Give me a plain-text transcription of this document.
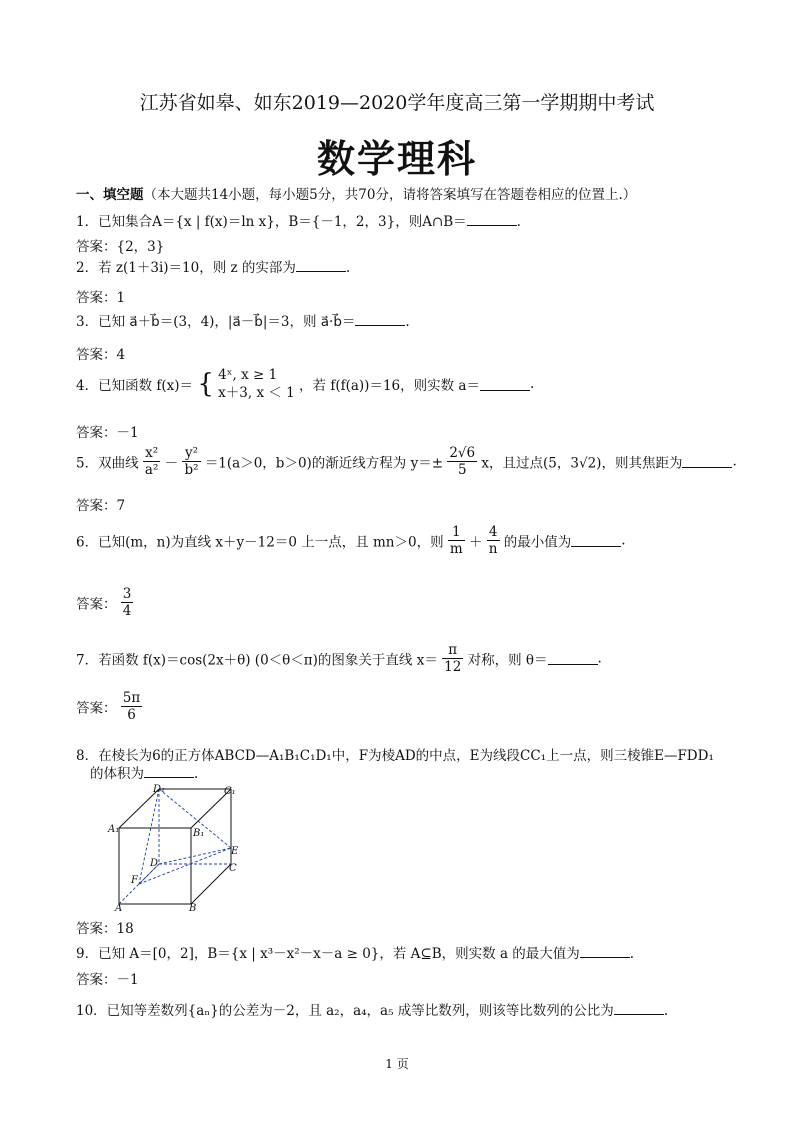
江苏省如皋、如东2019—2020学年度高三第一学期期中考试
数学理科
一、填空题（本大题共14小题，每小题5分，共70分，请将答案填写在答题卷相应的位置上.）
1．已知集合A＝{x | f(x)＝ln x}，B＝{－1，2，3}，则A∩B＝	.
答案：{2，3}
2．若 z(1＋3i)＝10，则 z 的实部为	.
答案：1
3．已知 a⃗＋b⃗＝(3，4)，|a⃗－b⃗|＝3，则 a⃗·b⃗＝	.
答案：4
4．已知函数 f(x)＝ { 4ˣ, x ≥ 1
x＋3, x ＜ 1 ，若 f(f(a))＝16，则实数 a＝	.
答案：－1
5．双曲线 $\frac{\text{x²}}{\text{a²}} - \frac{\text{y²}}{\text{b²}} =1(a>0$，b＞0)的渐近线方程为 $y=\pm \frac{2√6}{5}$ x，且过点(5，3√2)，则其焦距为	.
答案：7
6．已知(m，n)为直线 x＋y－12＝0 上一点，且 mn＞0，则 $\frac{1}{m} + \frac{4}{n}$ 的最小值为	.
答案： $\frac{3}{4}$
7．若函数 f(x)＝cos(2x＋θ) (0＜θ＜π)的图象关于直线 $x= \frac{\pi}{12}$ 对称，则 θ＝	.
答案： $\frac{5\pi}{6}$
8．在棱长为6的正方体ABCD—A₁B₁C₁D₁中，F为棱AD的中点，E为线段CC₁上一点，则三棱锥E—FDD₁
的体积为	.
D₁	C₁
A₁	B₁
E
C
D
F
A	B
答案：18
9．已知 A＝[0，2]，B＝{x | x³－x²－x－a ≥ 0}，若 A⊆B，则实数 a 的最大值为	.
答案：－1
10．已知等差数列{aₙ}的公差为－2，且 a₂，a₄，a₅ 成等比数列，则该等比数列的公比为	.
1 页
